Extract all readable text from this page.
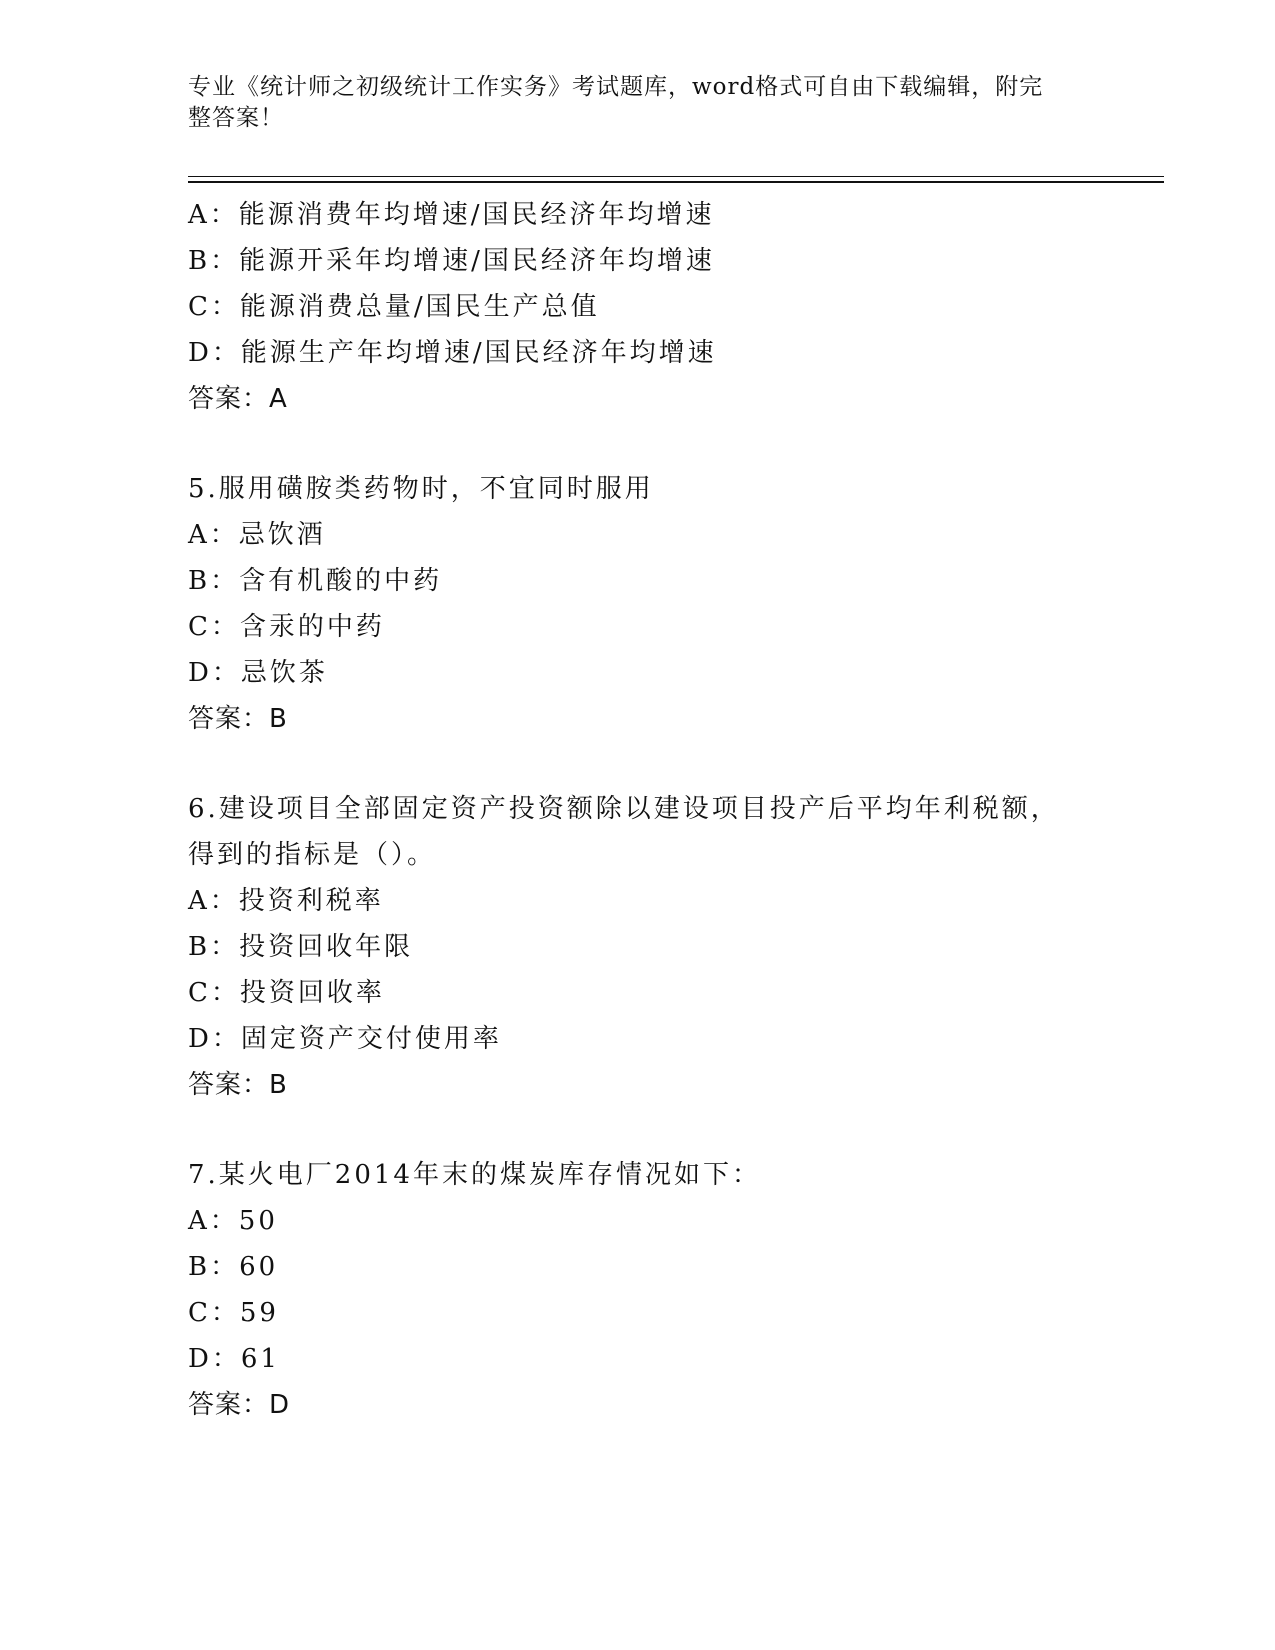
专业《统计师之初级统计工作实务》考试题库，word格式可自由下载编辑，附完
整答案！
A：能源消费年均增速/国民经济年均增速
B：能源开采年均增速/国民经济年均增速
C：能源消费总量/国民生产总值
D：能源生产年均增速/国民经济年均增速
答案：A
5.服用磺胺类药物时，不宜同时服用
A：忌饮酒
B：含有机酸的中药
C：含汞的中药
D：忌饮茶
答案：B
6.建设项目全部固定资产投资额除以建设项目投产后平均年利税额，
得到的指标是（）。
A：投资利税率
B：投资回收年限
C：投资回收率
D：固定资产交付使用率
答案：B
7.某火电厂2014年末的煤炭库存情况如下：
A：50
B：60
C：59
D：61
答案：D
